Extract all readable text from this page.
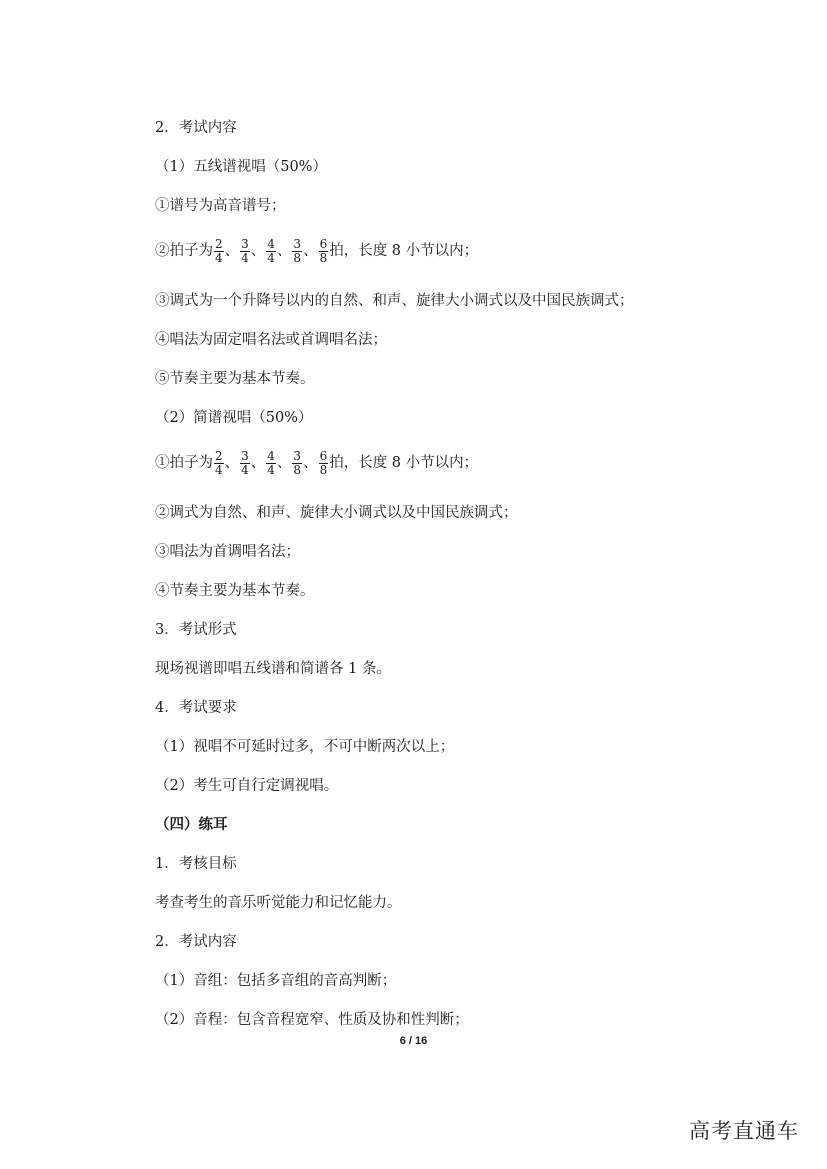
2．考试内容
（1）五线谱视唱（50%）
①谱号为高音谱号；
②拍子为 $\frac{2}{4}$ 、 $\frac{3}{4}$ 、 $\frac{4}{4}$ 、 $\frac{3}{8}$ 、 $\frac{6}{8}$ 拍，长度 8 小节以内；
③调式为一个升降号以内的自然、和声、旋律大小调式以及中国民族调式；
④唱法为固定唱名法或首调唱名法；
⑤节奏主要为基本节奏。
（2）简谱视唱（50%）
①拍子为 $\frac{2}{4}$ 、 $\frac{3}{4}$ 、 $\frac{4}{4}$ 、 $\frac{3}{8}$ 、 $\frac{6}{8}$ 拍，长度 8 小节以内；
②调式为自然、和声、旋律大小调式以及中国民族调式；
③唱法为首调唱名法；
④节奏主要为基本节奏。
3．考试形式
现场视谱即唱五线谱和简谱各 1 条。
4．考试要求
（1）视唱不可延时过多，不可中断两次以上；
（2）考生可自行定调视唱。
（四）练耳
1．考核目标
考查考生的音乐听觉能力和记忆能力。
2．考试内容
（1）音组：包括多音组的音高判断；
（2）音程：包含音程宽窄、性质及协和性判断；
6 / 16
高考直通车
